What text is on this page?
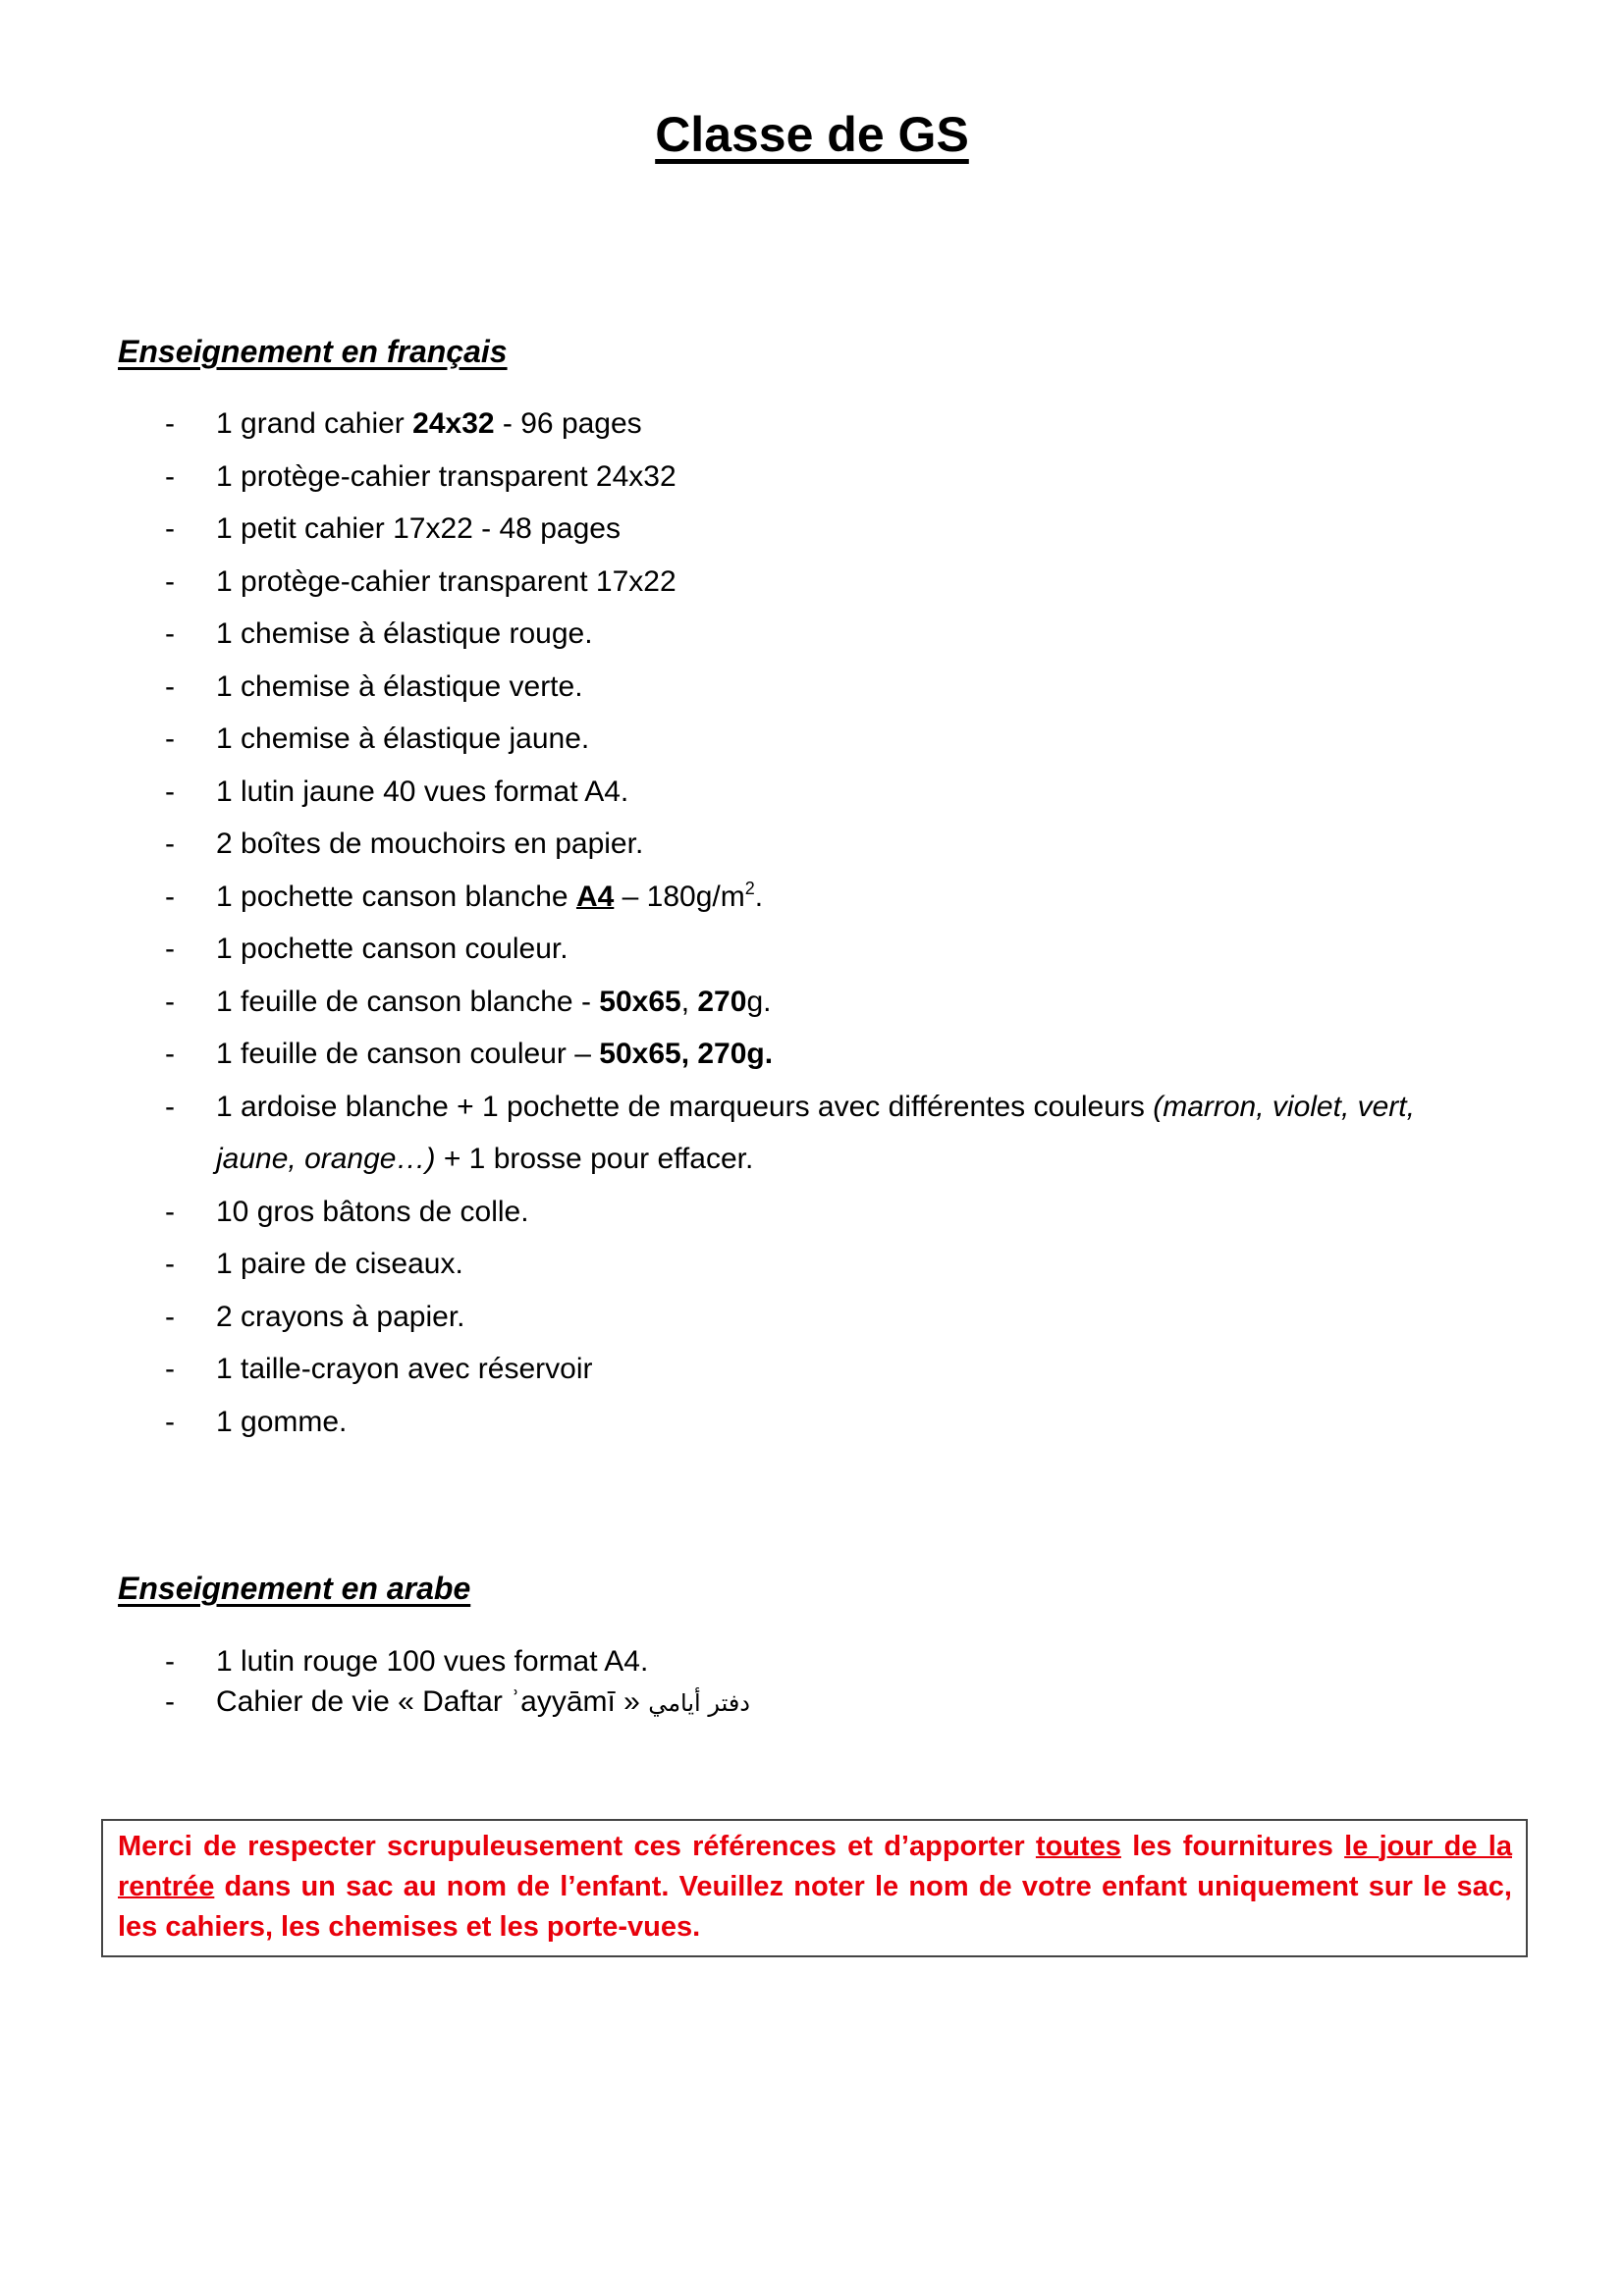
Classe de GS
Enseignement en français
- 1 grand cahier 24x32 - 96 pages
- 1 protège-cahier transparent 24x32
- 1 petit cahier 17x22 - 48 pages
- 1 protège-cahier transparent 17x22
- 1 chemise à élastique rouge.
- 1 chemise à élastique verte.
- 1 chemise à élastique jaune.
- 1 lutin jaune 40 vues format A4.
- 2 boîtes de mouchoirs en papier.
- 1 pochette canson blanche $A4 - 180g/m^2$.
- 1 pochette canson couleur.
- 1 feuille de canson blanche - 50x65, 270g.
- 1 feuille de canson couleur – 50x65, 270g.
- 1 ardoise blanche + 1 pochette de marqueurs avec différentes couleurs (marron, violet, vert,
jaune, orange…) + 1 brosse pour effacer.
- 10 gros bâtons de colle.
- 1 paire de ciseaux.
- 2 crayons à papier.
- 1 taille-crayon avec réservoir
- 1 gomme.
Enseignement en arabe
- 1 lutin rouge 100 vues format A4.
- Cahier de vie « Daftar ʾayyāmī » دفتر أيامي
Merci de respecter scrupuleusement ces références et d’apporter toutes les fournitures le jour de la rentrée dans un sac au nom de l’enfant. Veuillez noter le nom de votre enfant uniquement sur le sac, les cahiers, les chemises et les porte-vues.
